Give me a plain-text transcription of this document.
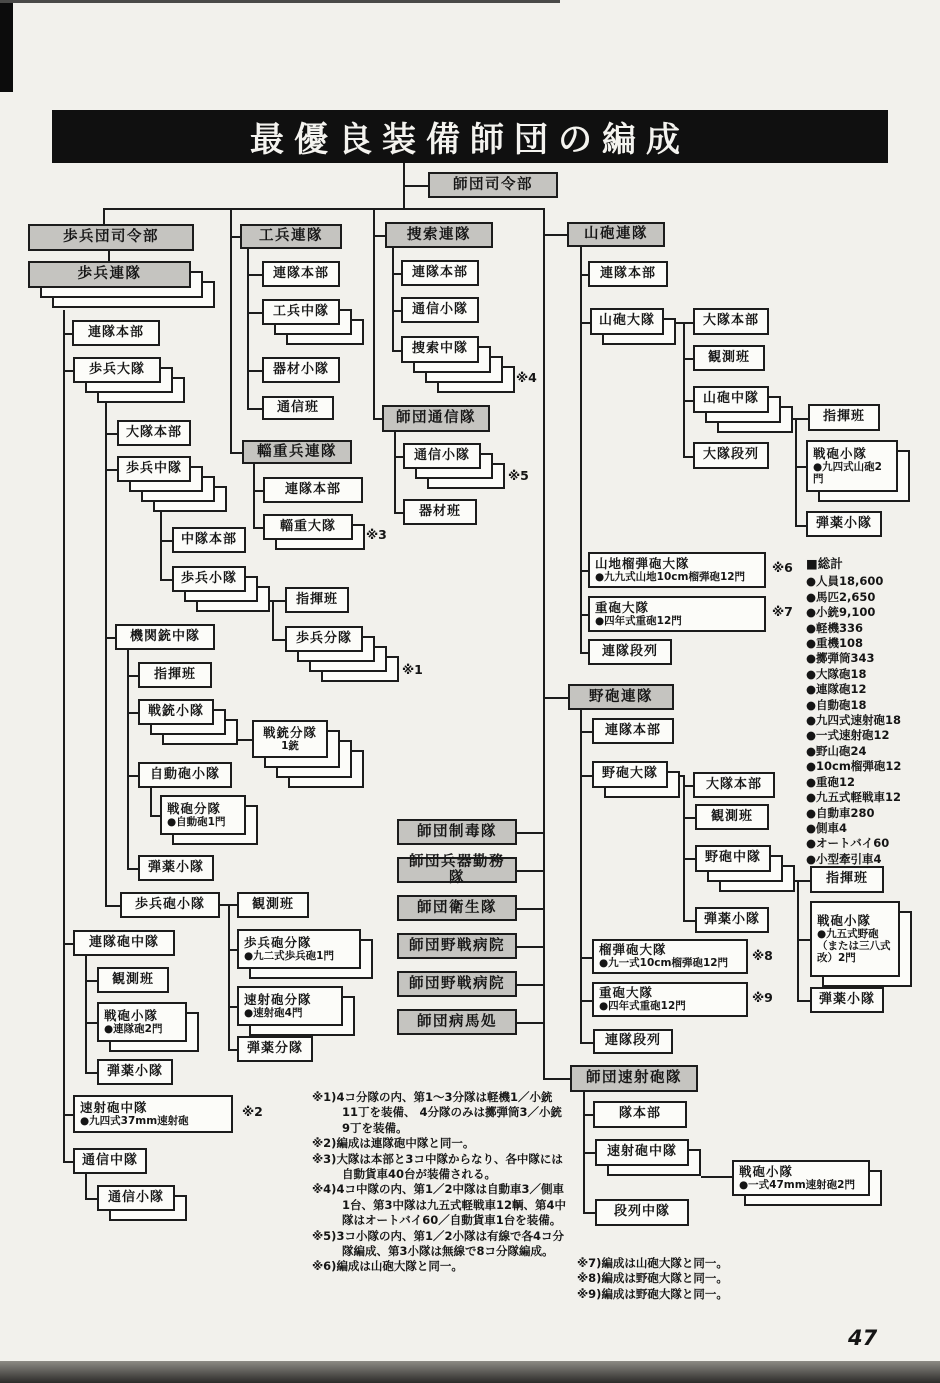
最優良装備師団の編成
師団司令部
歩兵団司令部
歩兵連隊
連隊本部
歩兵大隊
大隊本部
歩兵中隊
中隊本部
歩兵小隊
指揮班
歩兵分隊
※1
機関銃中隊
指揮班
戦銃小隊
戦銃分隊
1銃
自動砲小隊
戦砲分隊
●自動砲1門
弾薬小隊
歩兵砲小隊	観測班
歩兵砲分隊
●九二式歩兵砲1門
速射砲分隊
●速射砲4門
弾薬分隊
連隊砲中隊
観測班
戦砲小隊
●連隊砲2門
弾薬小隊
速射砲中隊
●九四式37mm速射砲
※2
通信中隊
通信小隊
工兵連隊
連隊本部
工兵中隊
器材小隊
通信班
輜重兵連隊
連隊本部
輜重大隊
※3
捜索連隊
連隊本部
通信小隊
捜索中隊
※4
師団通信隊
通信小隊
※5
器材班
山砲連隊
連隊本部
山砲大隊	大隊本部
観測班
山砲中隊
指揮班
戦砲小隊
●九四式山砲2門
弾薬小隊
大隊段列
山地榴弾砲大隊
●九九式山地10cm榴弾砲12門
※6
重砲大隊
●四年式重砲12門
※7
連隊段列
野砲連隊
連隊本部
野砲大隊
大隊本部
観測班
野砲中隊
指揮班
戦砲小隊
●九五式野砲（または三八式改）2門
弾薬小隊
弾薬小隊
榴弾砲大隊
●九一式10cm榴弾砲12門
※8
重砲大隊
●四年式重砲12門
※9
連隊段列
師団制毒隊
師団兵器勤務隊
師団衛生隊
師団野戦病院
師団野戦病院
師団病馬処
師団速射砲隊
隊本部
速射砲中隊
戦砲小隊
●一式47mm速射砲2門
段列中隊
■総計
●人員18,600
●馬匹2,650
●小銃9,100
●軽機336
●重機108
●擲弾筒343
●大隊砲18
●連隊砲12
●自動砲18
●九四式速射砲18
●一式速射砲12
●野山砲24
●10cm榴弾砲12
●重砲12
●九五式軽戦車12
●自動車280
●側車4
●オートバイ60
●小型牽引車4

※1)4コ分隊の内、第1～3分隊は軽機1／小銃11丁を装備、 4分隊のみは擲弾筒3／小銃9丁を装備。

※2)編成は連隊砲中隊と同一。

※3)大隊は本部と3コ中隊からなり、各中隊には自動貨車40台が装備される。

※4)4コ中隊の内、第1／2中隊は自動車3／側車1台、第3中隊は九五式軽戦車12輌、第4中隊はオートバイ60／自動貨車1台を装備。

※5)3コ小隊の内、第1／2小隊は有線で各4コ分隊編成、第3小隊は無線で8コ分隊編成。

※6)編成は山砲大隊と同一。	※7)編成は山砲大隊と同一。

※8)編成は野砲大隊と同一。

※9)編成は野砲大隊と同一。

47
